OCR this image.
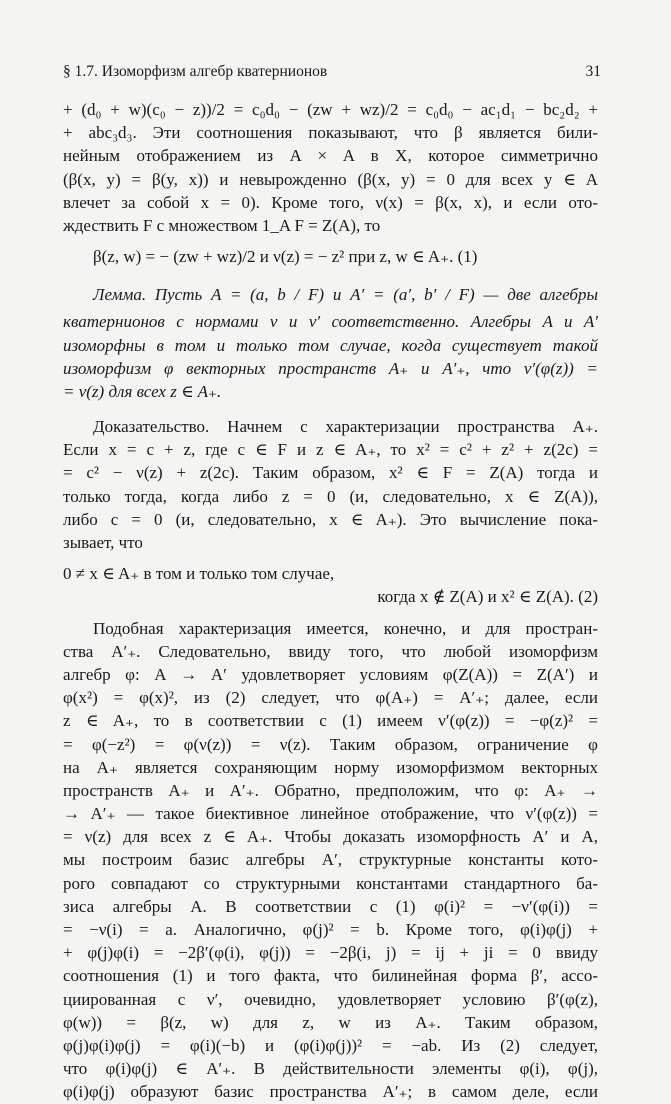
§ 1.7. Изоморфизм алгебр кватернионов	31
+ (d₀ + w)(c₀ − z))/2 = c₀d₀ − (zw + wz)/2 = c₀d₀ − ac₁d₁ − bc₂d₂ +
+ abc₃d₃. Эти соотношения показывают, что β является били-
нейным отображением из A × A в X, которое симметрично
(β(x, y) = β(y, x)) и невырожденно (β(x, y) = 0 для всех y ∈ A
влечет за собой x = 0). Кроме того, ν(x) = β(x, x), и если ото-
ждествить F с множеством 1_A F = Z(A), то
β(z, w) = − (zw + wz)/2 и ν(z) = − z² при z, w ∈ A₊. (1)
Лемма. Пусть A = (a, b / F) и A′ = (a′, b′ / F) — две алгебры
кватернионов с нормами ν и ν′ соответственно. Алгебры A и A′
изоморфны в том и только том случае, когда существует такой
изоморфизм φ векторных пространств A₊ и A′₊, что ν′(φ(z)) =
= ν(z) для всех z ∈ A₊.
Доказательство. Начнем с характеризации пространства A₊.
Если x = c + z, где c ∈ F и z ∈ A₊, то x² = c² + z² + z(2c) =
= c² − ν(z) + z(2c). Таким образом, x² ∈ F = Z(A) тогда и
только тогда, когда либо z = 0 (и, следовательно, x ∈ Z(A)),
либо c = 0 (и, следовательно, x ∈ A₊). Это вычисление пока-
зывает, что
0 ≠ x ∈ A₊ в том и только том случае,
когда x ∉ Z(A) и x² ∈ Z(A). (2)
Подобная характеризация имеется, конечно, и для простран-
ства A′₊. Следовательно, ввиду того, что любой изоморфизм
алгебр φ: A → A′ удовлетворяет условиям φ(Z(A)) = Z(A′) и
φ(x²) = φ(x)², из (2) следует, что φ(A₊) = A′₊; далее, если
z ∈ A₊, то в соответствии с (1) имеем ν′(φ(z)) = −φ(z)² =
= φ(−z²) = φ(ν(z)) = ν(z). Таким образом, ограничение φ
на A₊ является сохраняющим норму изоморфизмом векторных
пространств A₊ и A′₊. Обратно, предположим, что φ: A₊ →
→ A′₊ — такое биективное линейное отображение, что ν′(φ(z)) =
= ν(z) для всех z ∈ A₊. Чтобы доказать изоморфность A′ и A,
мы построим базис алгебры A′, структурные константы кото-
рого совпадают со структурными константами стандартного ба-
зиса алгебры A. В соответствии с (1) φ(i)² = −ν′(φ(i)) =
= −ν(i) = a. Аналогично, φ(j)² = b. Кроме того, φ(i)φ(j) +
+ φ(j)φ(i) = −2β′(φ(i), φ(j)) = −2β(i, j) = ij + ji = 0 ввиду
соотношения (1) и того факта, что билинейная форма β′, ассо-
циированная с ν′, очевидно, удовлетворяет условию β′(φ(z),
φ(w)) = β(z, w) для z, w из A₊. Таким образом,
φ(j)φ(i)φ(j) = φ(i)(−b) и (φ(i)φ(j))² = −ab. Из (2) следует,
что φ(i)φ(j) ∈ A′₊. В действительности элементы φ(i), φ(j),
φ(i)φ(j) образуют базис пространства A′₊; в самом деле, если
